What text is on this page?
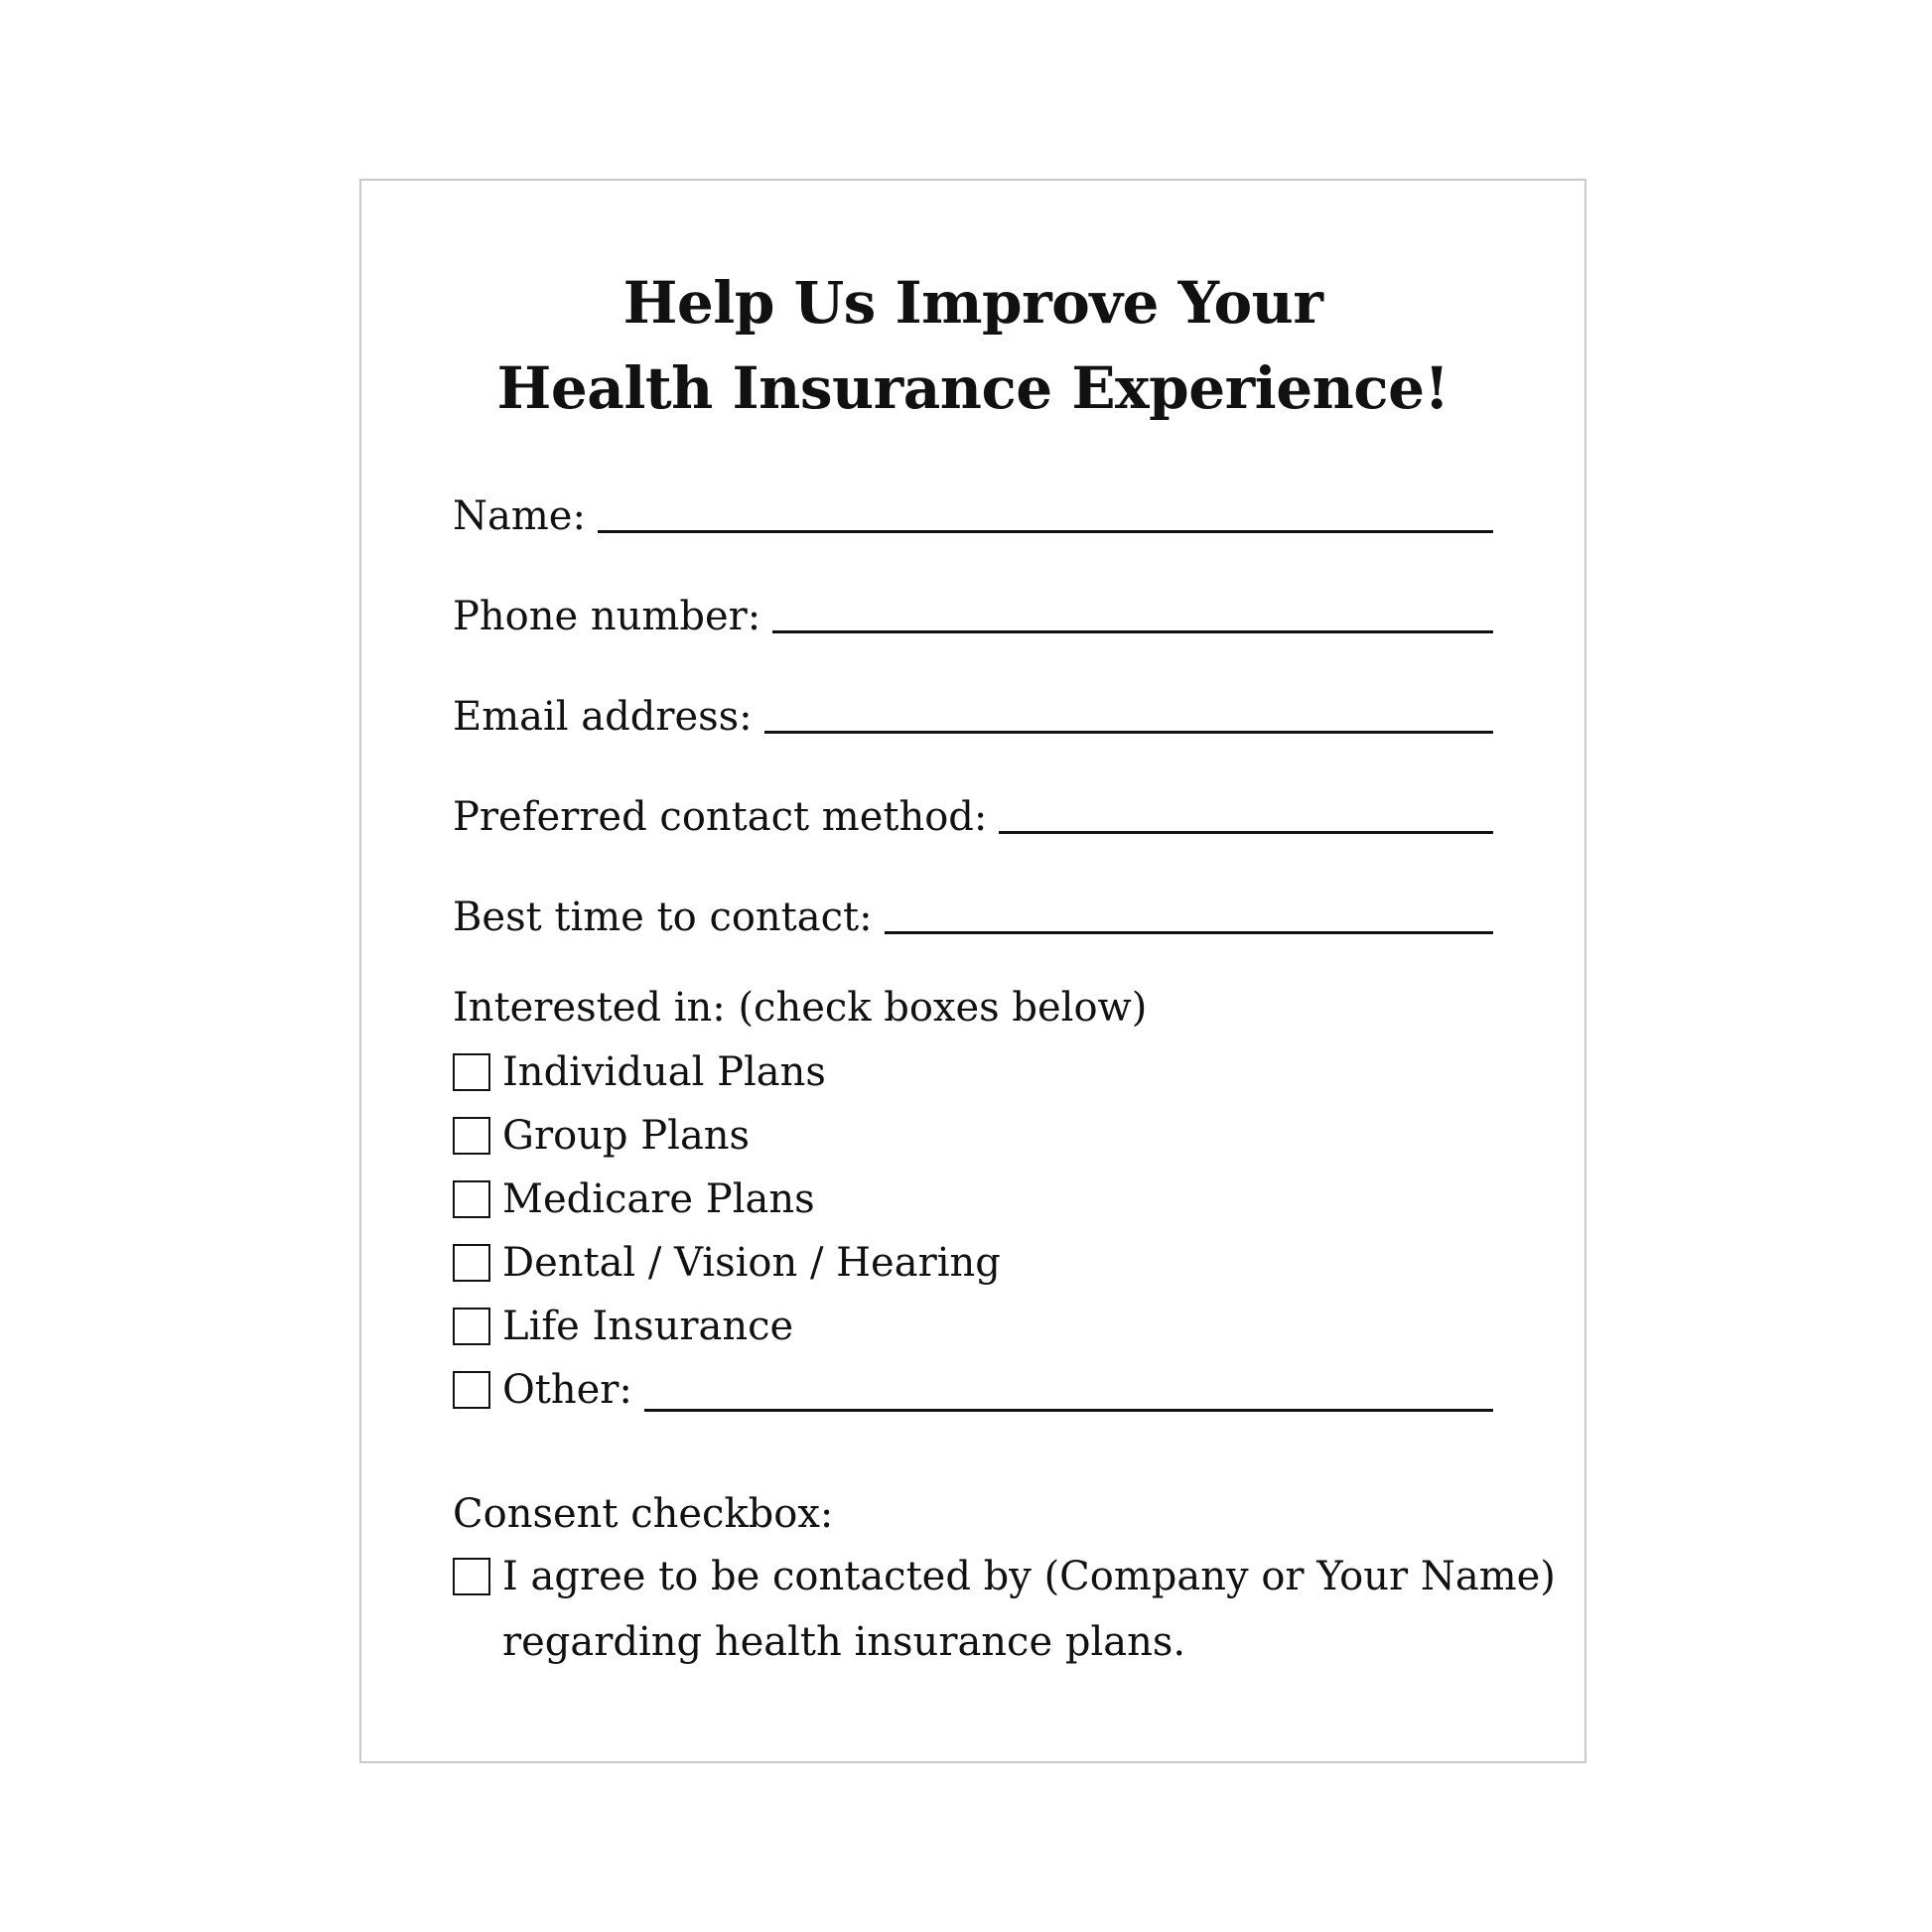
Help Us Improve Your
Health Insurance Experience!
Name:
Phone number:
Email address:
Preferred contact method:
Best time to contact:
Interested in: (check boxes below)
Individual Plans
Group Plans
Medicare Plans
Dental / Vision / Hearing
Life Insurance
Other:
Consent checkbox:
I agree to be contacted by (Company or Your Name)
regarding health insurance plans.
